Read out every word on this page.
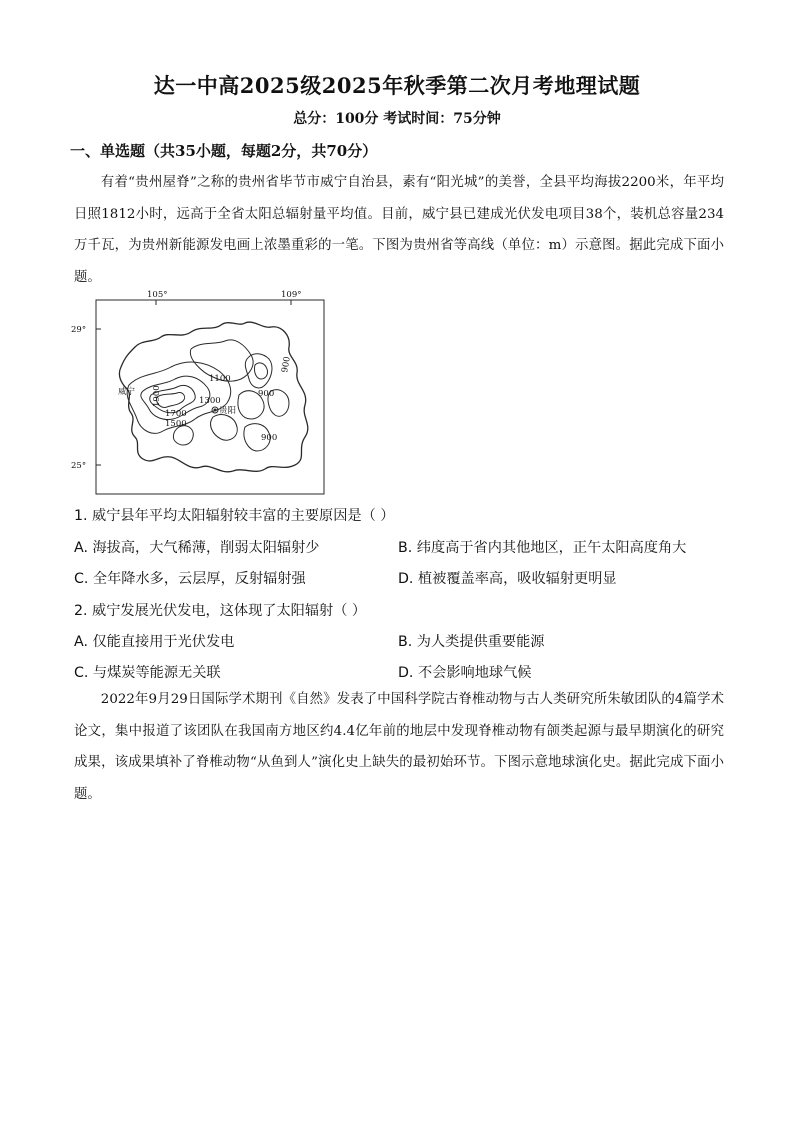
达一中高2025级2025年秋季第二次月考地理试题
总分：100分 考试时间：75分钟
一、单选题（共35小题，每题2分，共70分）
有着“贵州屋脊”之称的贵州省毕节市威宁自治县，素有“阳光城”的美誉，全县平均海拔2200米，年平均日照1812小时，远高于全省太阳总辐射量平均值。目前，威宁县已建成光伏发电项目38个，装机总容量234万千瓦，为贵州新能源发电画上浓墨重彩的一笔。下图为贵州省等高线（单位：m）示意图。据此完成下面小题。
105°	109°
29°
25°
威宁
贵阳
1100
900
1300
1900
1700
1500
900
900
1. 威宁县年平均太阳辐射较丰富的主要原因是（ ）
A. 海拔高，大气稀薄，削弱太阳辐射少	B. 纬度高于省内其他地区，正午太阳高度角大
C. 全年降水多，云层厚，反射辐射强	D. 植被覆盖率高，吸收辐射更明显
2. 威宁发展光伏发电，这体现了太阳辐射（ ）
A. 仅能直接用于光伏发电	B. 为人类提供重要能源
C. 与煤炭等能源无关联	D. 不会影响地球气候
2022年9月29日国际学术期刊《自然》发表了中国科学院古脊椎动物与古人类研究所朱敏团队的4篇学术论文，集中报道了该团队在我国南方地区约4.4亿年前的地层中发现脊椎动物有颌类起源与最早期演化的研究成果，该成果填补了脊椎动物“从鱼到人”演化史上缺失的最初始环节。下图示意地球演化史。据此完成下面小题。
